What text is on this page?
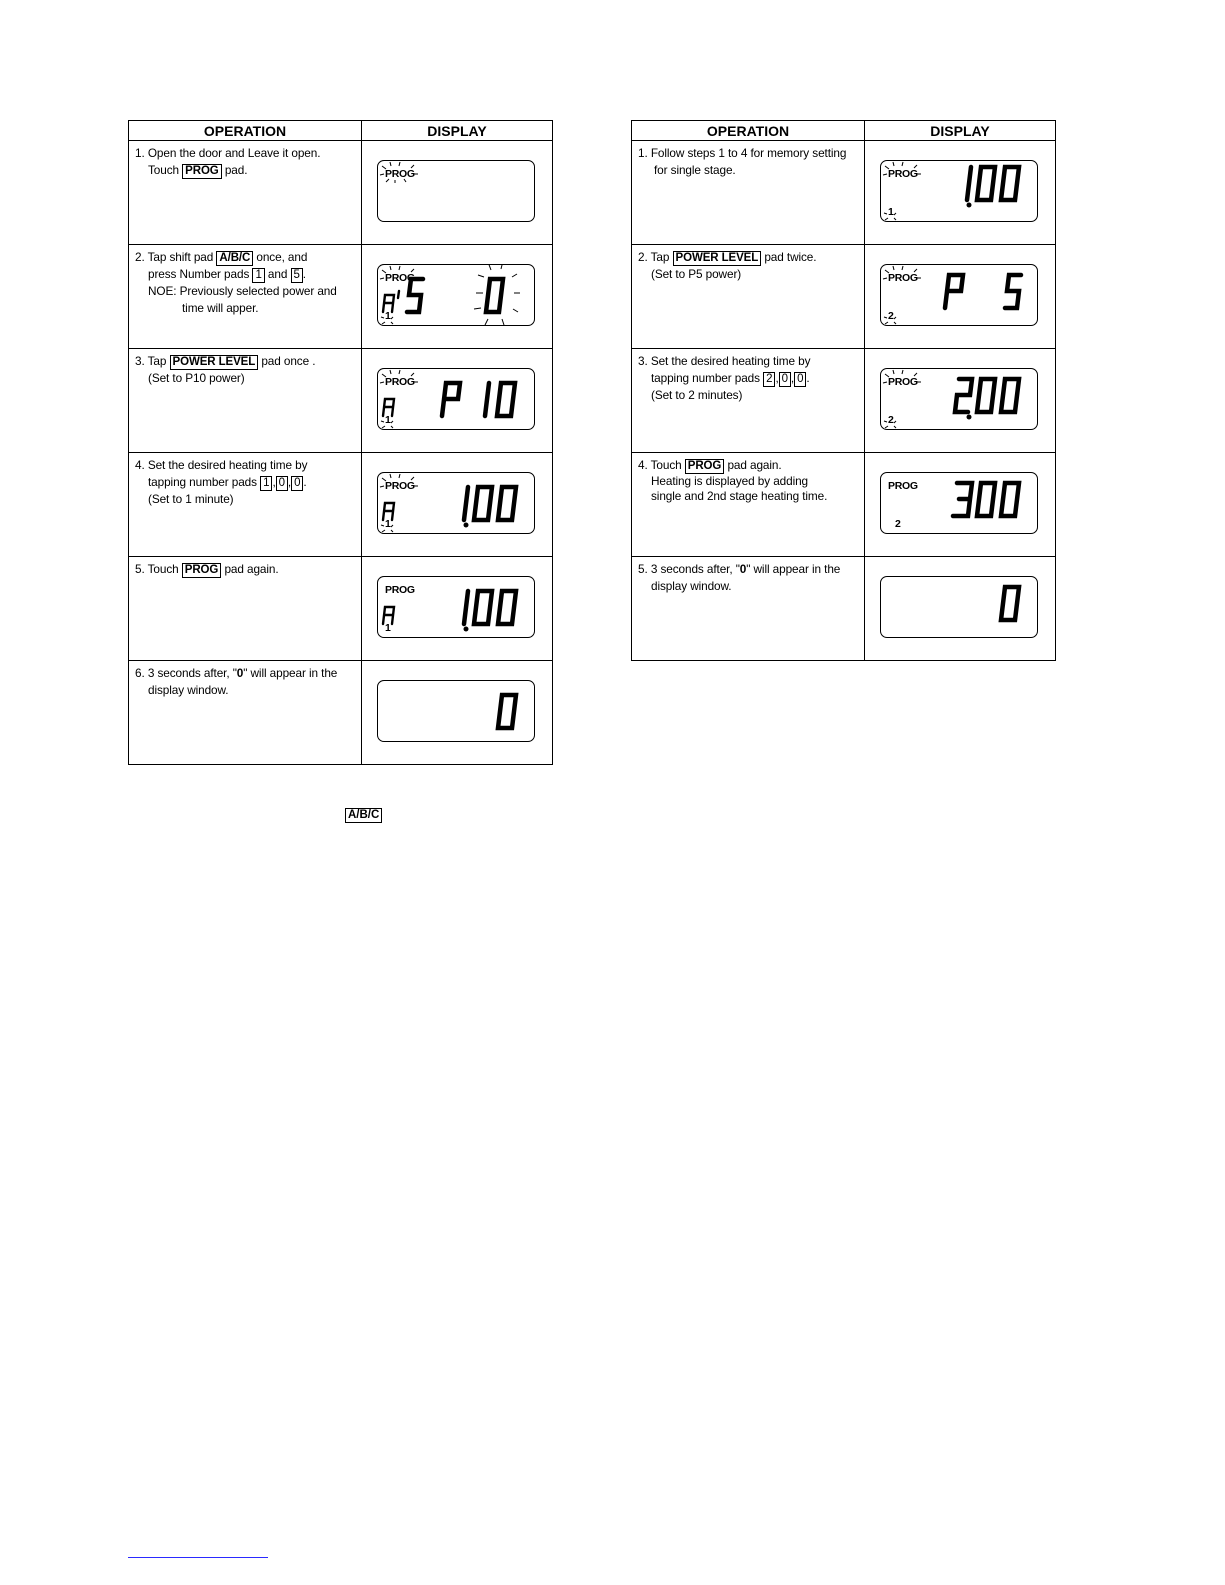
OPERATION	DISPLAY

1. Open the door and Leave it open.
Touch PROG pad.	PROG

2. Tap shift pad A/B/C once, and
press Number pads 1 and 5 .
NOE: Previously selected power and
time will apper.	PROG
1

3. Tap POWER LEVEL pad once .
(Set to P10 power)	PROG
1

4. Set the desired heating time by
tapping number pads 1 , 0 , 0 .
(Set to 1 minute)	PROG
1

5. Touch PROG pad again.	PROG
1

6. 3 seconds after, "0" will appear in the
display window.

OPERATION	DISPLAY

1. Follow steps 1 to 4 for memory setting
for single stage.	PROG
1

2. Tap POWER LEVEL pad twice.
(Set to P5 power)	PROG
2

3. Set the desired heating time by
tapping number pads 2 , 0 , 0 .
(Set to 2 minutes)	PROG
2

4. Touch PROG pad again.
Heating is displayed by adding
single and 2nd stage heating time.	PROG
2

5. 3 seconds after, "0" will appear in the
display window.

A/B/C
